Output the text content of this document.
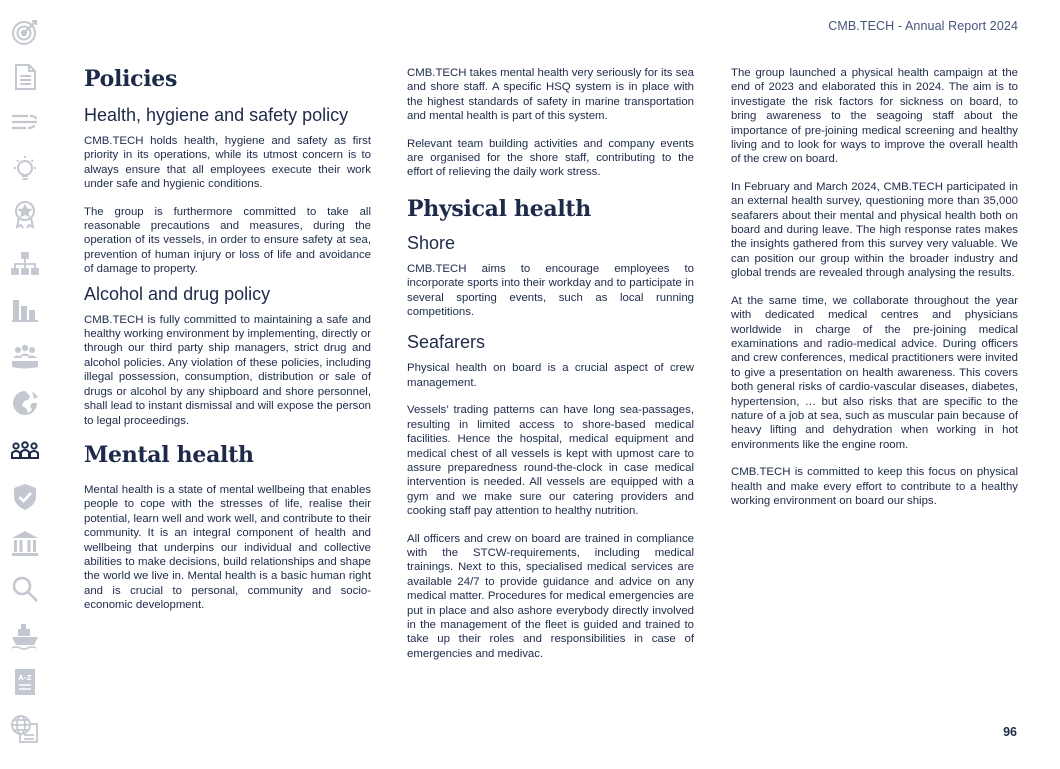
A-Z
CMB.TECH - Annual Report 2024
Policies
Health, hygiene and safety policy

CMB.TECH holds health, hygiene and safety as first priority in its operations, while its utmost concern is to always ensure that all employees execute their work under safe and hygienic conditions.

The group is furthermore committed to take all reasonable precautions and measures, during the operation of its vessels, in order to ensure safety at sea, prevention of human injury or loss of life and avoidance of damage to property.

Alcohol and drug policy

CMB.TECH is fully committed to maintaining a safe and healthy working environment by implementing, directly or through our third party ship managers, strict drug and alcohol policies. Any violation of these policies, including illegal possession, consumption, distribution or sale of drugs or alcohol by any shipboard and shore personnel, shall lead to instant dismissal and will expose the person to legal proceedings.

Mental health

Mental health is a state of mental wellbeing that enables people to cope with the stresses of life, realise their potential, learn well and work well, and contribute to their community. It is an integral component of health and wellbeing that underpins our individual and collective abilities to make decisions, build relationships and shape the world we live in. Mental health is a basic human right and is crucial to personal, community and socio-economic development.

CMB.TECH takes mental health very seriously for its sea and shore staff. A specific HSQ system is in place with the highest standards of safety in marine transportation and mental health is part of this system.

Relevant team building activities and company events are organised for the shore staff, contributing to the effort of relieving the daily work stress.

Physical health
Shore

CMB.TECH aims to encourage employees to incorporate sports into their workday and to participate in several sporting events, such as local running competitions.

Seafarers

Physical health on board is a crucial aspect of crew management.

Vessels’ trading patterns can have long sea-passages, resulting in limited access to shore-based medical facilities. Hence the hospital, medical equipment and medical chest of all vessels is kept with upmost care to assure preparedness round-the-clock in case medical intervention is needed. All vessels are equipped with a gym and we make sure our catering providers and cooking staff pay attention to healthy nutrition.

All officers and crew on board are trained in compliance with the STCW-requirements, including medical trainings. Next to this, specialised medical services are available 24/7 to provide guidance and advice on any medical matter. Procedures for medical emergencies are put in place and also ashore everybody directly involved in the management of the fleet is guided and trained to take up their roles and responsibilities in case of emergencies and medivac.

The group launched a physical health campaign at the end of 2023 and elaborated this in 2024. The aim is to investigate the risk factors for sickness on board, to bring awareness to the seagoing staff about the importance of pre-joining medical screening and healthy living and to look for ways to improve the overall health of the crew on board.

In February and March 2024, CMB.TECH participated in an external health survey, questioning more than 35,000 seafarers about their mental and physical health both on board and during leave. The high response rates makes the insights gathered from this survey very valuable. We can position our group within the broader industry and global trends are revealed through analysing the results.

At the same time, we collaborate throughout the year with dedicated medical centres and physicians worldwide in charge of the pre-joining medical examinations and radio-medical advice. During officers and crew conferences, medical practitioners were invited to give a presentation on health awareness. This covers both general risks of cardio-vascular diseases, diabetes, hypertension, … but also risks that are specific to the nature of a job at sea, such as muscular pain because of heavy lifting and dehydration when working in hot environments like the engine room.

CMB.TECH is committed to keep this focus on physical health and make every effort to contribute to a healthy working environment on board our ships.

96
